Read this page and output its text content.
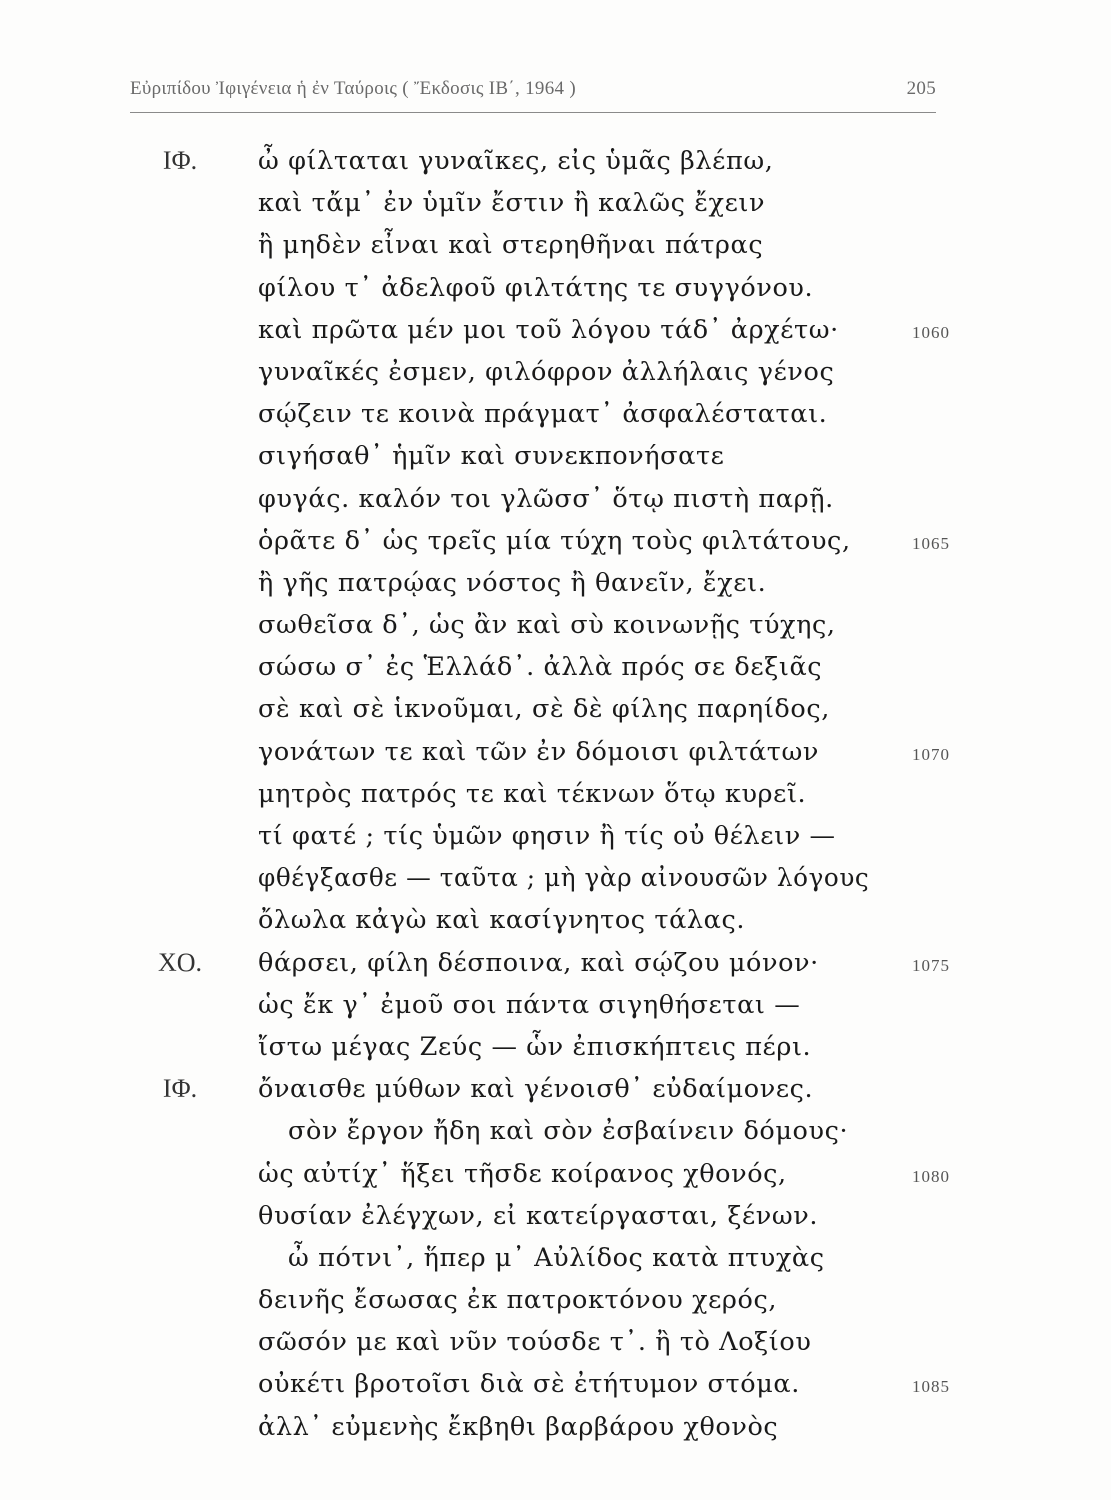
Εὐριπίδου Ἰφιγένεια ἡ ἐν Ταύροις ( Ἔκδοσις ΙΒ΄, 1964 )	205
ΙΦ.	ὦ φίλταται γυναῖκες, εἰς ὑμᾶς βλέπω,
καὶ τἄμ᾿ ἐν ὑμῖν ἔστιν ἢ καλῶς ἔχειν
ἢ μηδὲν εἶναι καὶ στερηθῆναι πάτρας
φίλου τ᾿ ἀδελφοῦ φιλτάτης τε συγγόνου.
καὶ πρῶτα μέν μοι τοῦ λόγου τάδ᾿ ἀρχέτω·	1060
γυναῖκές ἐσμεν, φιλόφρον ἀλλήλαις γένος
σῴζειν τε κοινὰ πράγματ᾿ ἀσφαλέσταται.
σιγήσαθ᾿ ἡμῖν καὶ συνεκπονήσατε
φυγάς. καλόν τοι γλῶσσ᾿ ὅτῳ πιστὴ παρῇ.
ὁρᾶτε δ᾿ ὡς τρεῖς μία τύχη τοὺς φιλτάτους,	1065
ἢ γῆς πατρῴας νόστος ἢ θανεῖν, ἔχει.
σωθεῖσα δ᾿, ὡς ἂν καὶ σὺ κοινωνῇς τύχης,
σώσω σ᾿ ἐς Ἑλλάδ᾿. ἀλλὰ πρός σε δεξιᾶς
σὲ καὶ σὲ ἱκνοῦμαι, σὲ δὲ φίλης παρηίδος,
γονάτων τε καὶ τῶν ἐν δόμοισι φιλτάτων	1070
μητρὸς πατρός τε καὶ τέκνων ὅτῳ κυρεῖ.
τί φατέ ; τίς ὑμῶν φησιν ἢ τίς οὐ θέλειν —
φθέγξασθε — ταῦτα ; μὴ γὰρ αἰνουσῶν λόγους
ὄλωλα κἀγὼ καὶ κασίγνητος τάλας.
ΧΟ.	θάρσει, φίλη δέσποινα, καὶ σῴζου μόνον·	1075
ὡς ἔκ γ᾿ ἐμοῦ σοι πάντα σιγηθήσεται —
ἴστω μέγας Ζεύς — ὧν ἐπισκήπτεις πέρι.
ΙΦ.	ὄναισθε μύθων καὶ γένοισθ᾿ εὐδαίμονες.
σὸν ἔργον ἤδη καὶ σὸν ἐσβαίνειν δόμους·
ὡς αὐτίχ᾿ ἥξει τῆσδε κοίρανος χθονός,	1080
θυσίαν ἐλέγχων, εἰ κατείργασται, ξένων.
ὦ πότνι᾿, ἥπερ μ᾿ Αὐλίδος κατὰ πτυχὰς
δεινῆς ἔσωσας ἐκ πατροκτόνου χερός,
σῶσόν με καὶ νῦν τούσδε τ᾿. ἢ τὸ Λοξίου
οὐκέτι βροτοῖσι διὰ σὲ ἐτήτυμον στόμα.	1085
ἀλλ᾿ εὐμενὴς ἔκβηθι βαρβάρου χθονὸς
